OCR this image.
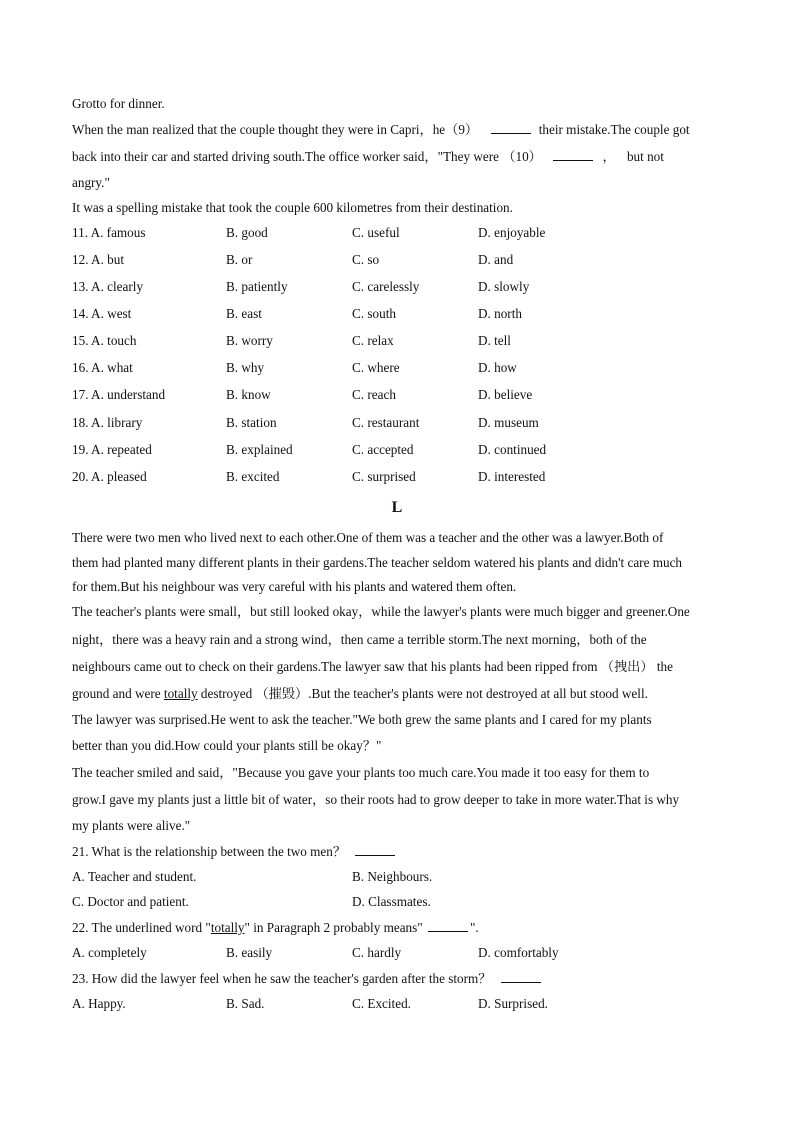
Grotto for dinner.
When the man realized that the couple thought they were in Capri，he（9）	their mistake.The couple got
back into their car and started driving south.The office worker said，"They were （10）	， but not
angry."
It was a spelling mistake that took the couple 600 kilometres from their destination.
11. A. famous	B. good	C. useful	D. enjoyable
12. A. but	B. or	C. so	D. and
13. A. clearly	B. patiently	C. carelessly	D. slowly
14. A. west	B. east	C. south	D. north
15. A. touch	B. worry	C. relax	D. tell
16. A. what	B. why	C. where	D. how
17. A. understand	B. know	C. reach	D. believe
18. A. library	B. station	C. restaurant	D. museum
19. A. repeated	B. explained	C. accepted	D. continued
20. A. pleased	B. excited	C. surprised	D. interested
L
There were two men who lived next to each other.One of them was a teacher and the other was a lawyer.Both of
them had planted many different plants in their gardens.The teacher seldom watered his plants and didn't care much
for them.But his neighbour was very careful with his plants and watered them often.
The teacher's plants were small，but still looked okay，while the lawyer's plants were much bigger and greener.One
night，there was a heavy rain and a strong wind，then came a terrible storm.The next morning，both of the
neighbours came out to check on their gardens.The lawyer saw that his plants had been ripped from （拽出） the
ground and were totally destroyed （摧毁）.But the teacher's plants were not destroyed at all but stood well.
The lawyer was surprised.He went to ask the teacher."We both grew the same plants and I cared for my plants
better than you did.How could your plants still be okay？"
The teacher smiled and said，"Because you gave your plants too much care.You made it too easy for them to
grow.I gave my plants just a little bit of water，so their roots had to grow deeper to take in more water.That is why
my plants were alive."
21. What is the relationship between the two men？
A. Teacher and student.	B. Neighbours.
C. Doctor and patient.	D. Classmates.
22. The underlined word "totally" in Paragraph 2 probably means"	".
A. completely	B. easily	C. hardly	D. comfortably
23. How did the lawyer feel when he saw the teacher's garden after the storm？
A. Happy.	B. Sad.	C. Excited.	D. Surprised.
